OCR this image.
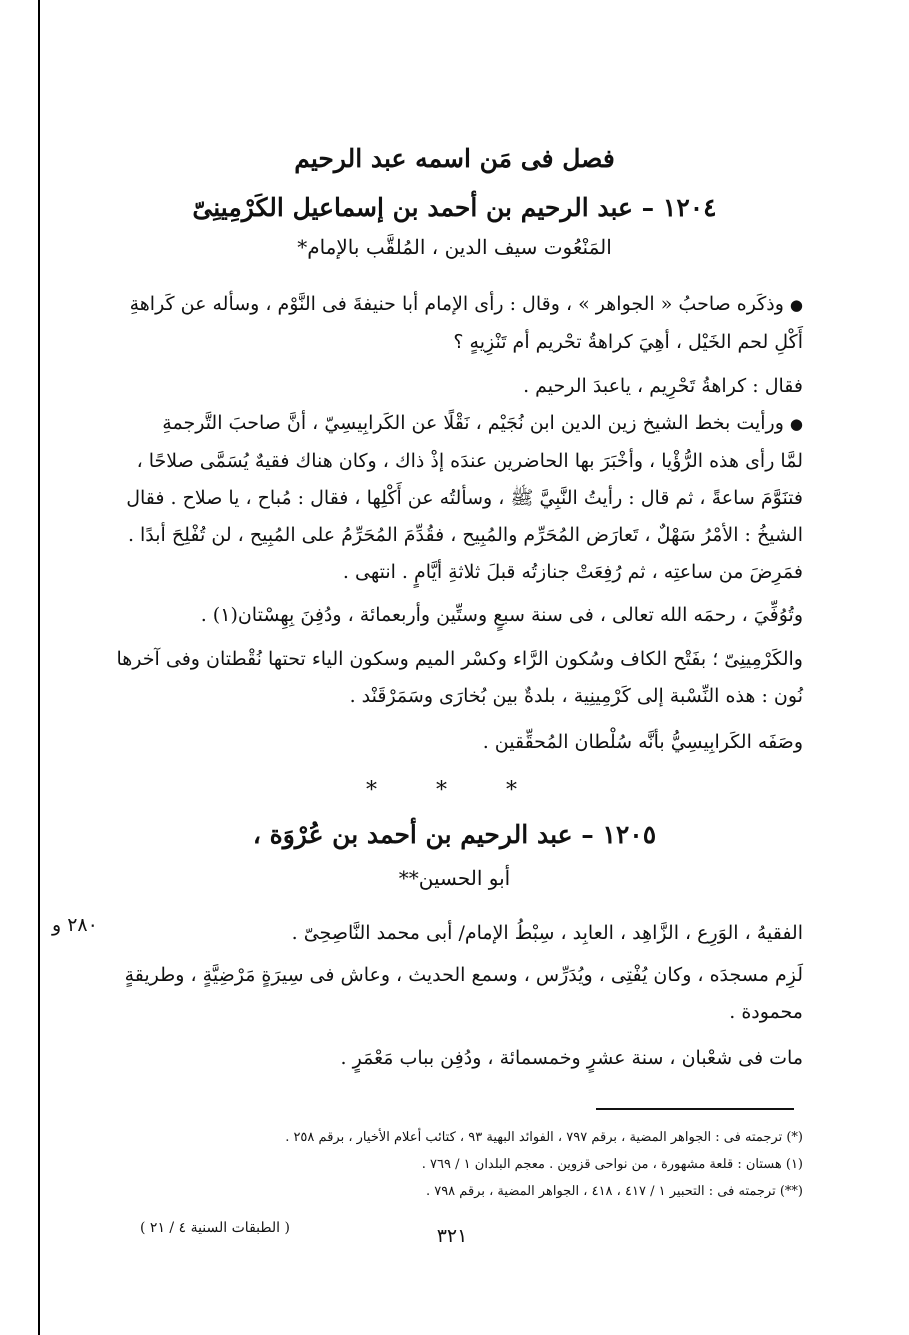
فصل فى مَن اسمه عبد الرحيم
١٢٠٤ – عبد الرحيم بن أحمد بن إسماعيل الكَرْمِينِىّ
المَنْعُوت سيف الدين ، المُلقَّب بالإمام*
●وذكَره صاحبُ « الجواهر » ، وقال : رأى الإمام أبا حنيفةَ فى النَّوْم ، وسأله عن كَراهةِ
أَكْلِ لحم الخَيْل ، أهِيَ كراهةُ تحْريم أم تَنْزِيهٍ ؟
فقال : كراهةُ تَحْرِيم ، ياعبدَ الرحيم .
●ورأيت بخط الشيخ زين الدين ابن نُجَيْم ، نَقْلًا عن الكَرابِيسِيّ ، أنَّ صاحبَ التَّرجمةِ
لمَّا رأى هذه الرُّؤْيا ، وأخْبَرَ بها الحاضرين عندَه إذْ ذاك ، وكان هناك فقيهٌ يُسَمَّى صلاحًا ،
فتنَوَّمَ ساعةً ، ثم قال : رأيتُ النَّبِيَّ ﷺ ، وسألتُه عن أَكْلِها ، فقال : مُباح ، يا صلاح . فقال
الشيخُ : الأمْرُ سَهْلٌ ، تَعارَض المُحَرِّم والمُبِيح ، فقُدِّمَ المُحَرِّمُ على المُبِيح ، لن تُفْلِحَ أبدًا .
فمَرِضَ من ساعتِه ، ثم رُفِعَتْ جنازتُه قبلَ ثلاثةِ أيَّامٍ . انتهى .
وتُوُفِّيَ ، رحمَه الله تعالى ، فى سنة سبعٍ وستِّين وأربعمائة ، ودُفِنَ بِهِسْتان(١) .
والكَرْمِينِىّ ؛ بفَتْح الكاف وسُكون الرَّاء وكسْر الميم وسكون الياء تحتها نُقْطتان وفى آخرها
نُون : هذه النِّسْبة إلى كَرْمِينِية ، بلدةٌ بين بُخارَى وسَمَرْقَنْد .
وصَفَه الكَرابِيسِيُّ بأنَّه سُلْطان المُحقِّقين .
* * *
١٢٠٥ – عبد الرحيم بن أحمد بن عُرْوَة ،
أبو الحسين**
٢٨٠ و	الفقيهُ ، الوَرِع ، الزَّاهِد ، العابِد ، سِبْطُ الإمام/ أبى محمد النَّاصِحِىّ .
لَزِم مسجدَه ، وكان يُفْتِى ، ويُدَرِّس ، وسمع الحديث ، وعاش فى سِيرَةٍ مَرْضِيَّةٍ ، وطريقةٍ
محمودة .
مات فى شعْبان ، سنة عشرٍ وخمسمائة ، ودُفِن بباب مَعْمَرٍ .
(*) ترجمته فى : الجواهر المضية ، برقم ٧٩٧ ، الفوائد البهية ٩٣ ، كتائب أعلام الأخيار ، برقم ٢٥٨ .
(١) هستان : قلعة مشهورة ، من نواحى قزوين . معجم البلدان ١ / ٧٦٩ .
(**) ترجمته فى : التحبير ١ / ٤١٧ ، ٤١٨ ، الجواهر المضية ، برقم ٧٩٨ .
٣٢١
( الطبقات السنية ٤ / ٢١ )
